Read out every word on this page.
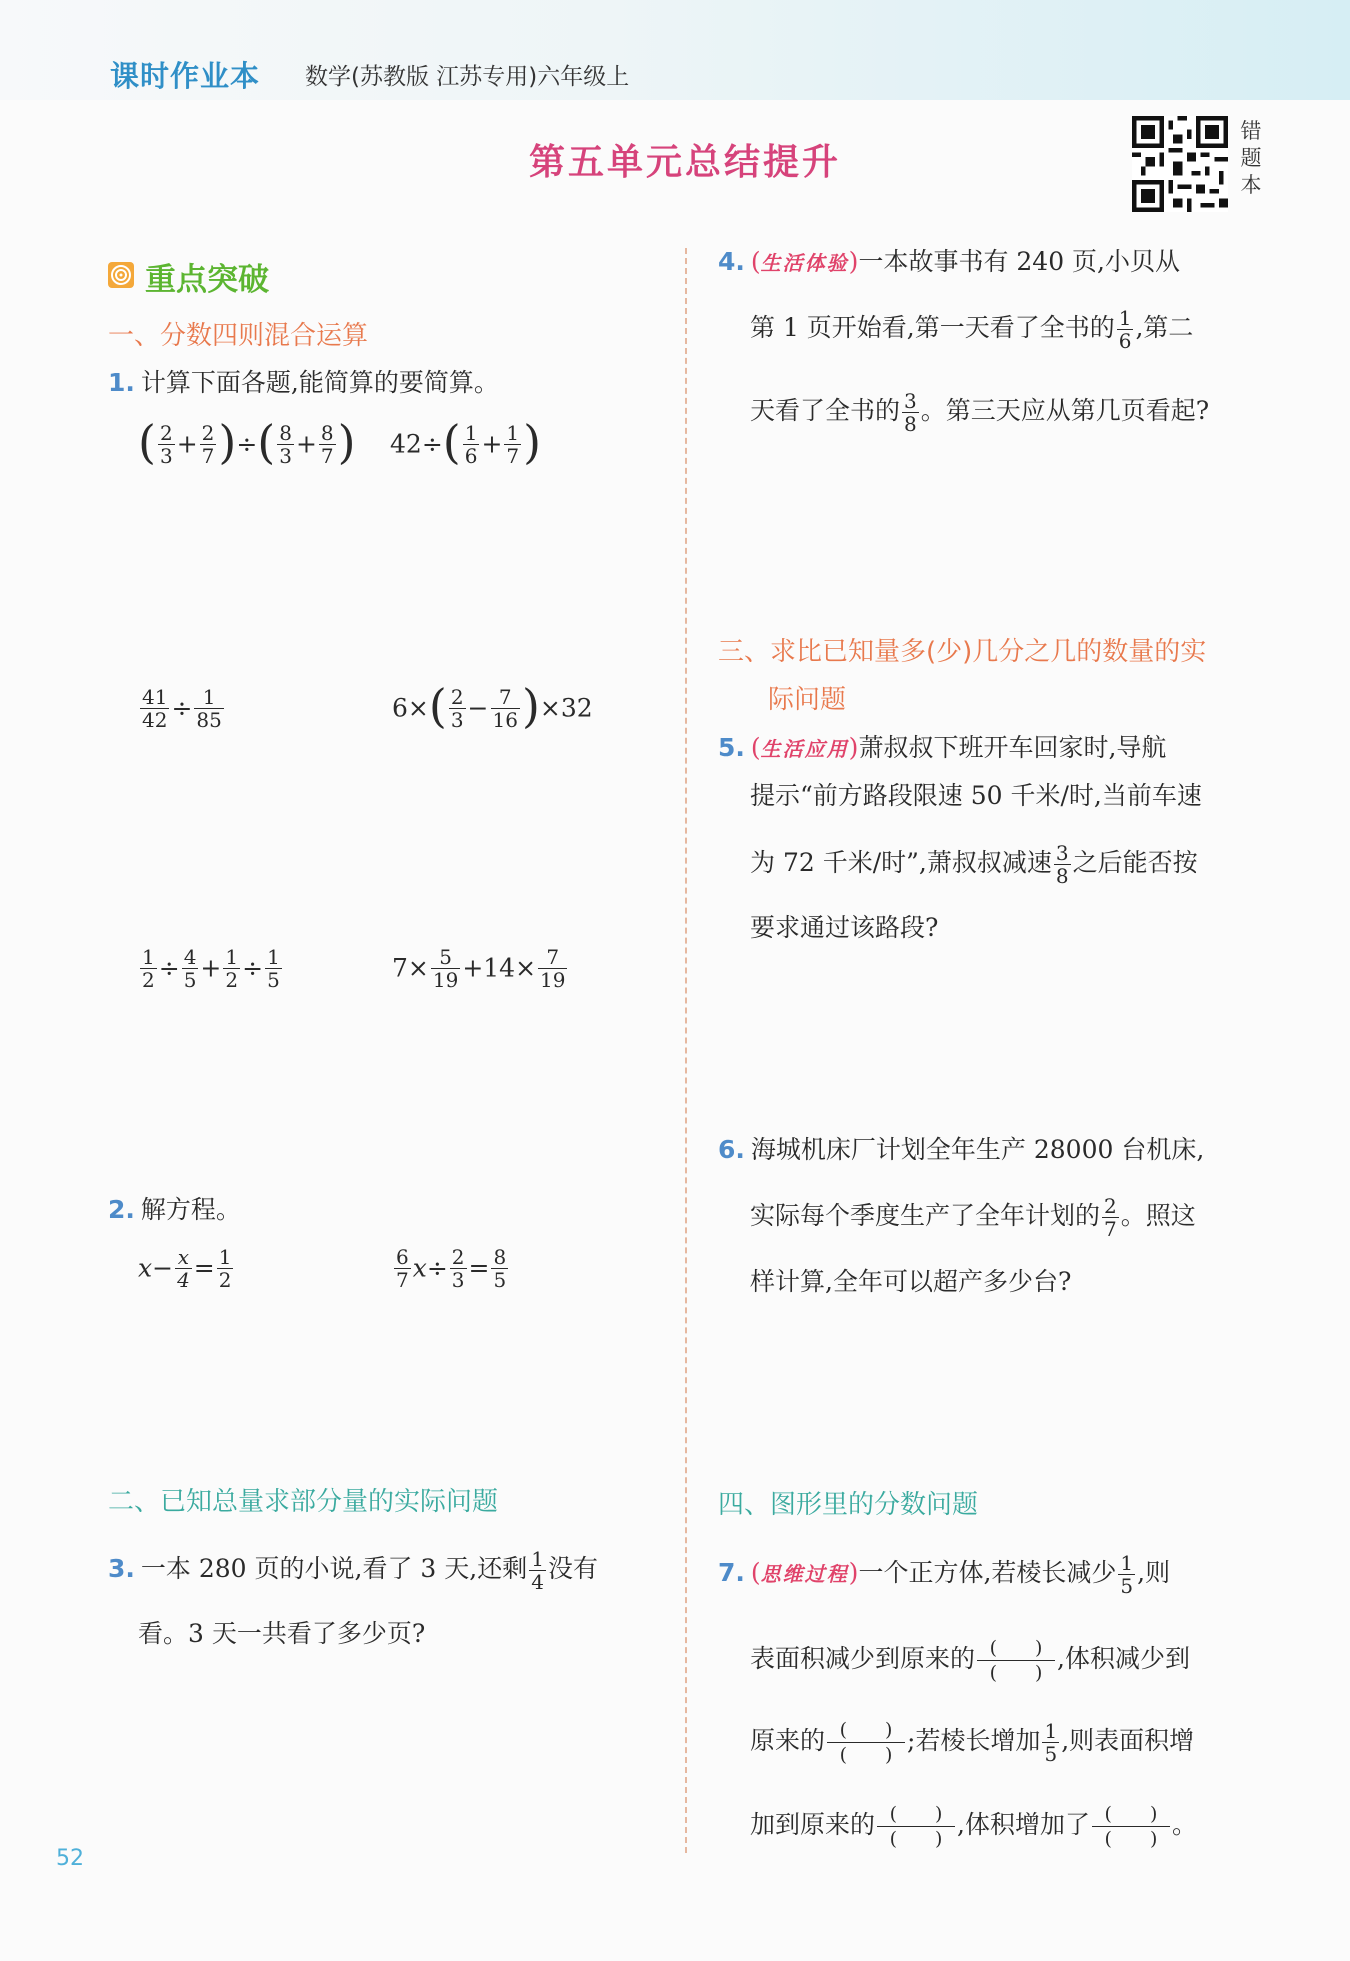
课时作业本 数学(苏教版 江苏专用)六年级上
第五单元总结提升
错
题
本
重点突破
一、分数四则混合运算
1. 计算下面各题,能简算的要简算。
( $\frac{2}{3} + \frac{2}{7}$ )÷( $\frac{8}{3} + \frac{8}{7}$ ) $42\div( \frac{1}{6} + \frac{1}{7}$ )
$\frac{41}{42} \div \frac{1}{85}$	$6\times( \frac{2}{3} - \frac{7}{16} )\times 32$
$\frac{1}{2} \div \frac{4}{5} + \frac{1}{2} \div \frac{1}{5}$	$7\times \frac{5}{19} +14\times \frac{7}{19}$
2. 解方程。
$x- \frac{x}{4} = \frac{1}{2}$	$\frac{6}{7} x\div \frac{2}{3} = \frac{8}{5}$
二、已知总量求部分量的实际问题
3. 一本 280 页的小说,看了 3 天,还剩 $\frac{1}{4}$ 没有
看。3 天一共看了多少页?
4. (生活体验)一本故事书有 240 页,小贝从
第 1 页开始看,第一天看了全书的 $\frac{1}{6}$ ,第二
天看了全书的 $\frac{3}{8}$ 。第三天应从第几页看起?
三、求比已知量多(少)几分之几的数量的实
际问题
5. (生活应用)萧叔叔下班开车回家时,导航
提示“前方路段限速 50 千米/时,当前车速
为 72 千米/时”,萧叔叔减速 $\frac{3}{8}$ 之后能否按
要求通过该路段?
6. 海城机床厂计划全年生产 28000 台机床,
实际每个季度生产了全年计划的 $\frac{2}{7}$ 。照这
样计算,全年可以超产多少台?
四、图形里的分数问题
7. (思维过程)一个正方体,若棱长减少 $\frac{1}{5}$ ,则
表面积减少到原来的 (  )
(  ) ,体积减少到
原来的 (  )
(  ) ;若棱长增加 $\frac{1}{5}$ ,则表面积增
加到原来的 (  )
(  ) ,体积增加了 (  )
(  ) 。
52
